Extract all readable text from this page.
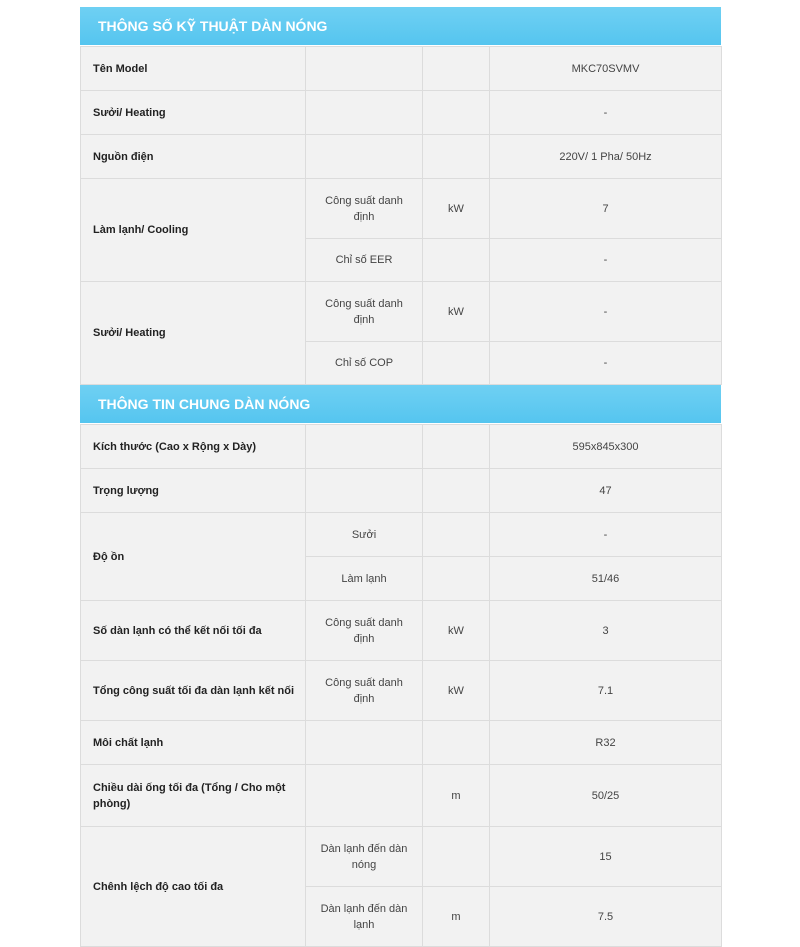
THÔNG SỐ KỸ THUẬT DÀN NÓNG
Tên Model			MKC70SVMV
Sưởi/ Heating			-
Nguồn điện			220V/ 1 Pha/ 50Hz
Làm lạnh/ Cooling	Công suất danh định	kW	7
	Chỉ số EER		-
Sưởi/ Heating	Công suất danh định	kW	-
	Chỉ số COP		-
THÔNG TIN CHUNG DÀN NÓNG
Kích thước (Cao x Rộng x Dày)			595x845x300
Trọng lượng			47
Độ ồn	Sưởi		-
	Làm lạnh		51/46
Số dàn lạnh có thể kết nối tối đa	Công suất danh định	kW	3
Tổng công suất tối đa dàn lạnh kết nối	Công suất danh định	kW	7.1
Môi chất lạnh			R32
Chiều dài ống tối đa (Tổng / Cho một phòng)		m	50/25
Chênh lệch độ cao tối đa	Dàn lạnh đến dàn nóng		15
	Dàn lạnh đến dàn lạnh	m	7.5
